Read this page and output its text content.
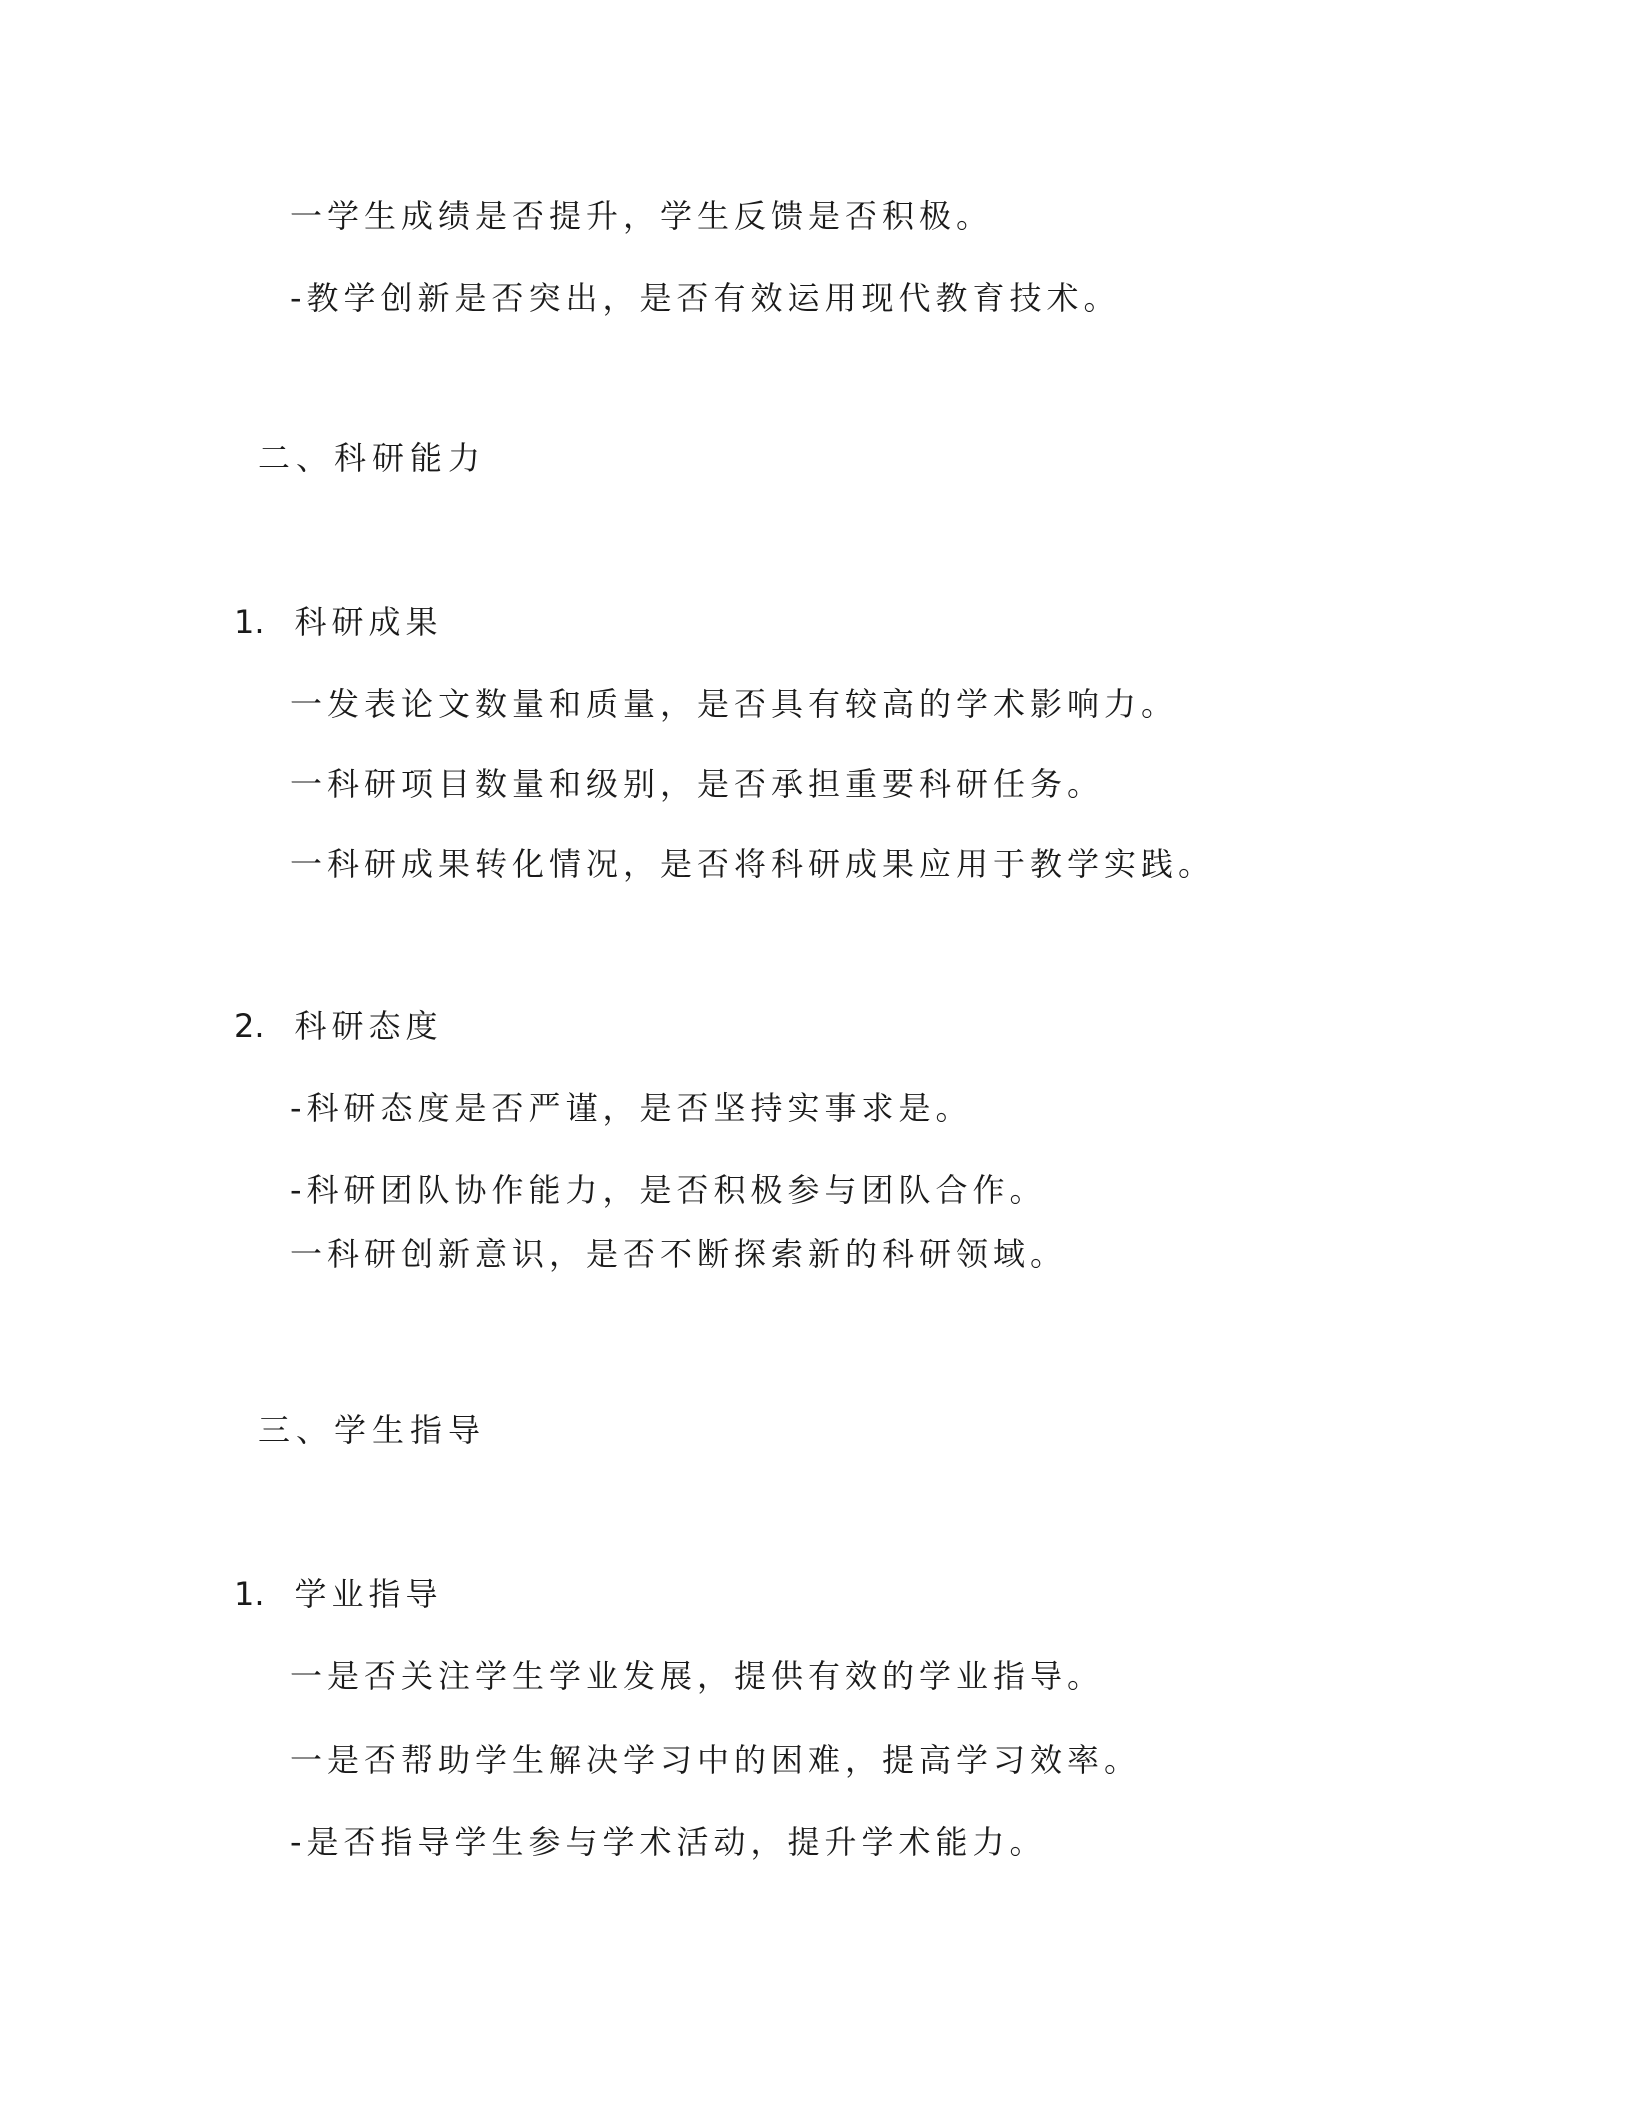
一学生成绩是否提升，学生反馈是否积极。
-教学创新是否突出，是否有效运用现代教育技术。
二、科研能力
1. 科研成果
一发表论文数量和质量，是否具有较高的学术影响力。
一科研项目数量和级别，是否承担重要科研任务。
一科研成果转化情况，是否将科研成果应用于教学实践。
2. 科研态度
-科研态度是否严谨，是否坚持实事求是。
-科研团队协作能力，是否积极参与团队合作。
一科研创新意识，是否不断探索新的科研领域。
三、学生指导
1. 学业指导
一是否关注学生学业发展，提供有效的学业指导。
一是否帮助学生解决学习中的困难，提高学习效率。
-是否指导学生参与学术活动，提升学术能力。
